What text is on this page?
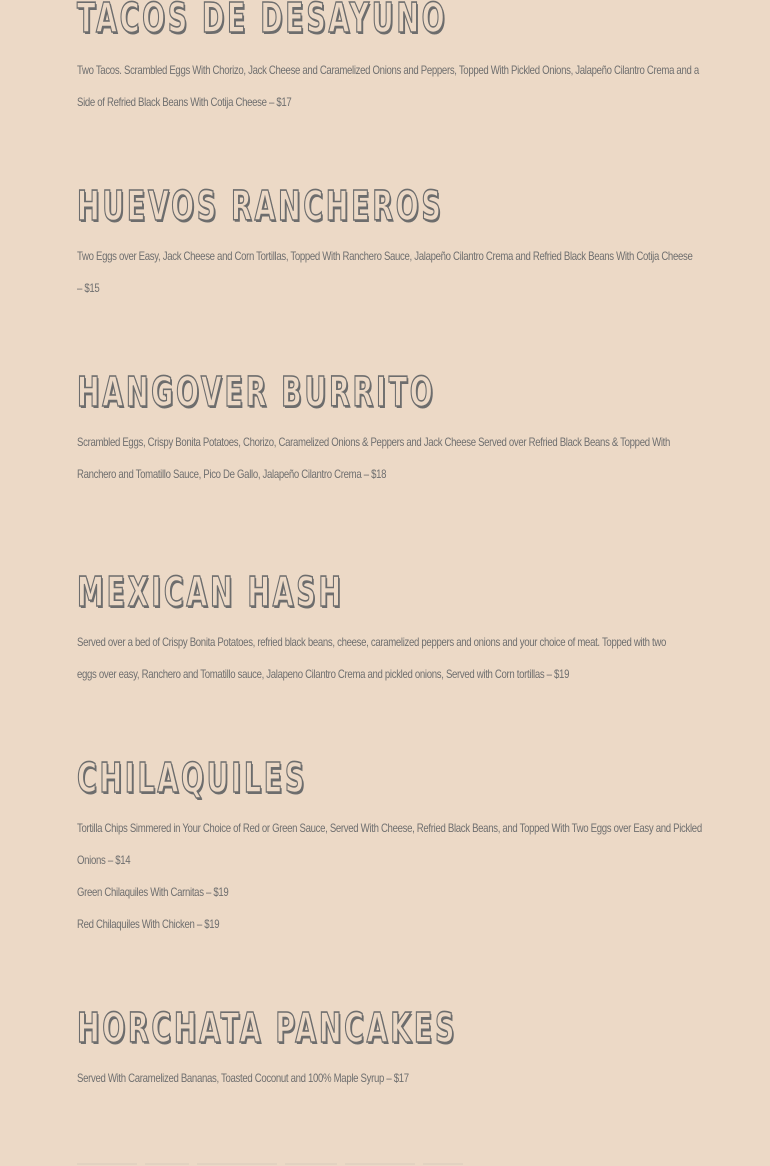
TACOS DE DESAYUNO

Two Tacos. Scrambled Eggs With Chorizo, Jack Cheese and Caramelized Onions and Peppers, Topped With Pickled Onions, Jalapeño Cilantro Crema and a

Side of Refried Black Beans With Cotija Cheese – $17

HUEVOS RANCHEROS

Two Eggs over Easy, Jack Cheese and Corn Tortillas, Topped With Ranchero Sauce, Jalapeño Cilantro Crema and Refried Black Beans With Cotija Cheese

– $15

HANGOVER BURRITO

Scrambled Eggs, Crispy Bonita Potatoes, Chorizo, Caramelized Onions & Peppers and Jack Cheese Served over Refried Black Beans & Topped With

Ranchero and Tomatillo Sauce, Pico De Gallo, Jalapeño Cilantro Crema – $18

MEXICAN HASH

Served over a bed of Crispy Bonita Potatoes, refried black beans, cheese, caramelized peppers and onions and your choice of meat. Topped with two

eggs over easy, Ranchero and Tomatillo sauce, Jalapeno Cilantro Crema and pickled onions, Served with Corn tortillas – $19

CHILAQUILES

Tortilla Chips Simmered in Your Choice of Red or Green Sauce, Served With Cheese, Refried Black Beans, and Topped With Two Eggs over Easy and Pickled

Onions – $14

Green Chilaquiles With Carnitas – $19

Red Chilaquiles With Chicken – $19

HORCHATA PANCAKES

Served With Caramelized Bananas, Toasted Coconut and 100% Maple Syrup – $17
